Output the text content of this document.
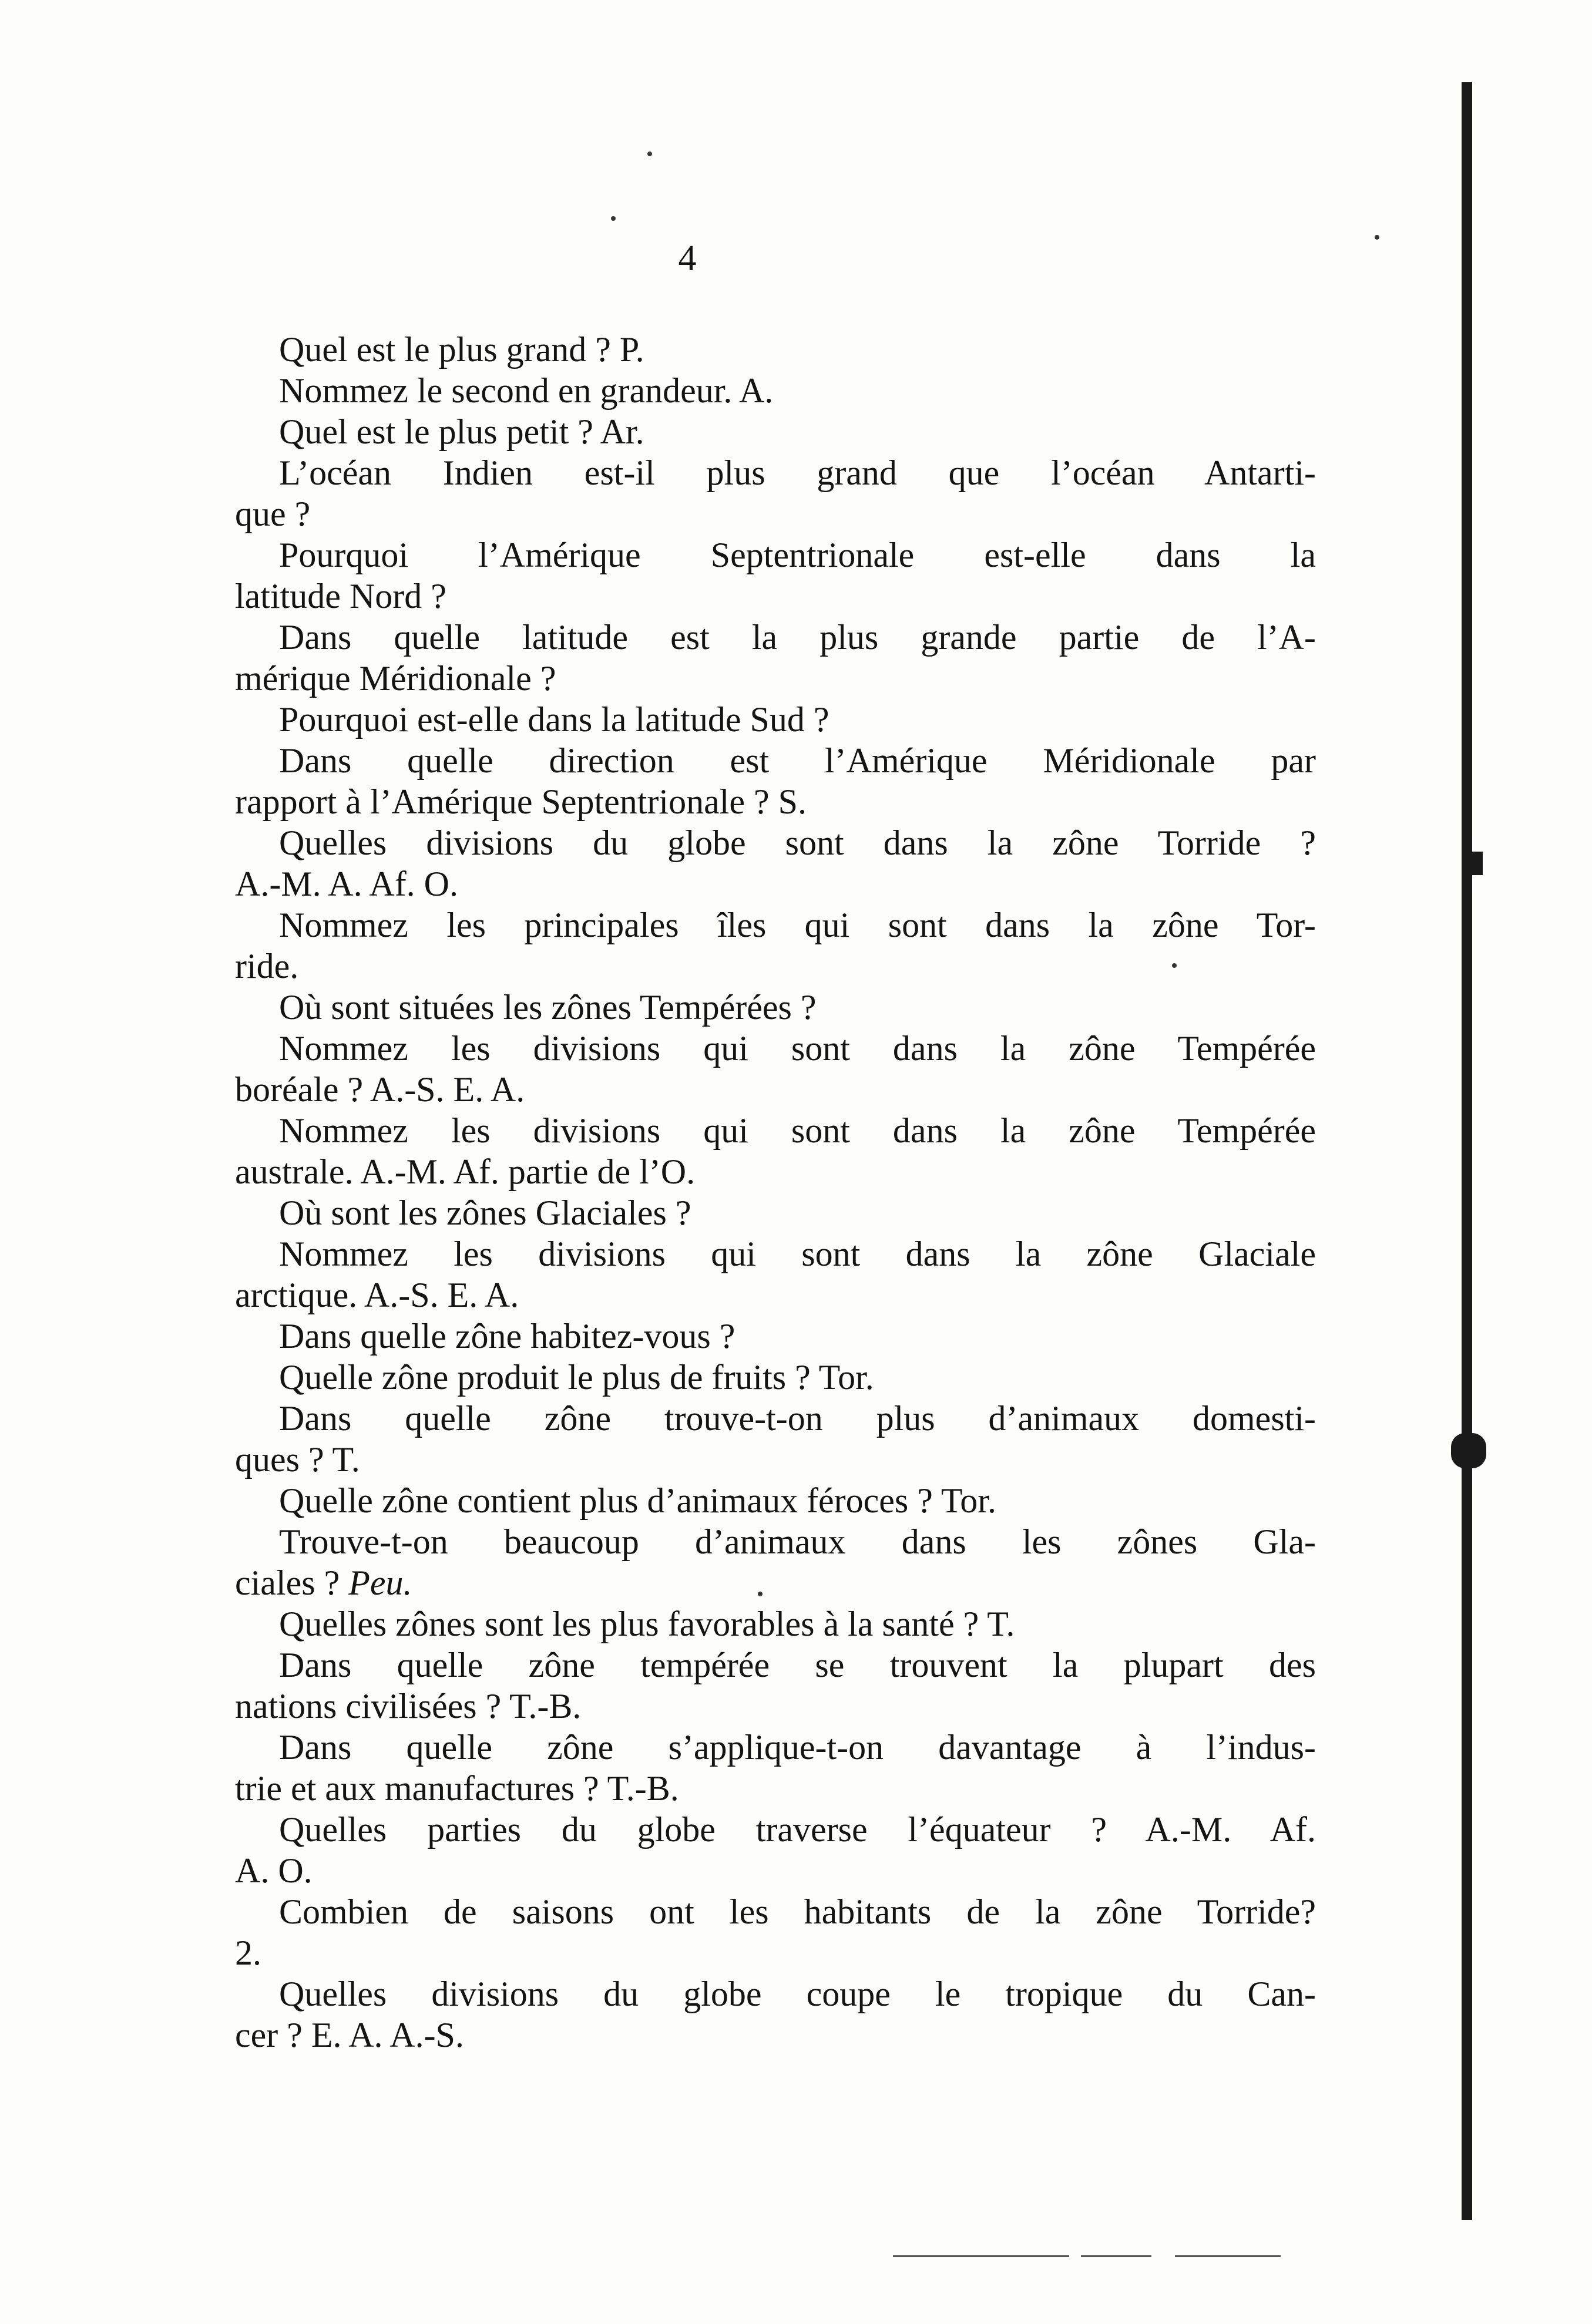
4
Quel est le plus grand ? P.
Nommez le second en grandeur. A.
Quel est le plus petit ? Ar.
L’océan Indien est-il plus grand que l’océan Antarti-
que ?
Pourquoi l’Amérique Septentrionale est-elle dans la
latitude Nord ?
Dans quelle latitude est la plus grande partie de l’A-
mérique Méridionale ?
Pourquoi est-elle dans la latitude Sud ?
Dans quelle direction est l’Amérique Méridionale par
rapport à l’Amérique Septentrionale ? S.
Quelles divisions du globe sont dans la zône Torride ?
A.-M. A. Af. O.
Nommez les principales îles qui sont dans la zône Tor-
ride.
Où sont situées les zônes Tempérées ?
Nommez les divisions qui sont dans la zône Tempérée
boréale ? A.-S. E. A.
Nommez les divisions qui sont dans la zône Tempérée
australe. A.-M. Af. partie de l’O.
Où sont les zônes Glaciales ?
Nommez les divisions qui sont dans la zône Glaciale
arctique. A.-S. E. A.
Dans quelle zône habitez-vous ?
Quelle zône produit le plus de fruits ? Tor.
Dans quelle zône trouve-t-on plus d’animaux domesti-
ques ? T.
Quelle zône contient plus d’animaux féroces ? Tor.
Trouve-t-on beaucoup d’animaux dans les zônes Gla-
ciales ? Peu.
Quelles zônes sont les plus favorables à la santé ? T.
Dans quelle zône tempérée se trouvent la plupart des
nations civilisées ? T.-B.
Dans quelle zône s’applique-t-on davantage à l’indus-
trie et aux manufactures ? T.-B.
Quelles parties du globe traverse l’équateur ? A.-M. Af.
A. O.
Combien de saisons ont les habitants de la zône Torride?
2.
Quelles divisions du globe coupe le tropique du Can-
cer ? E. A. A.-S.
